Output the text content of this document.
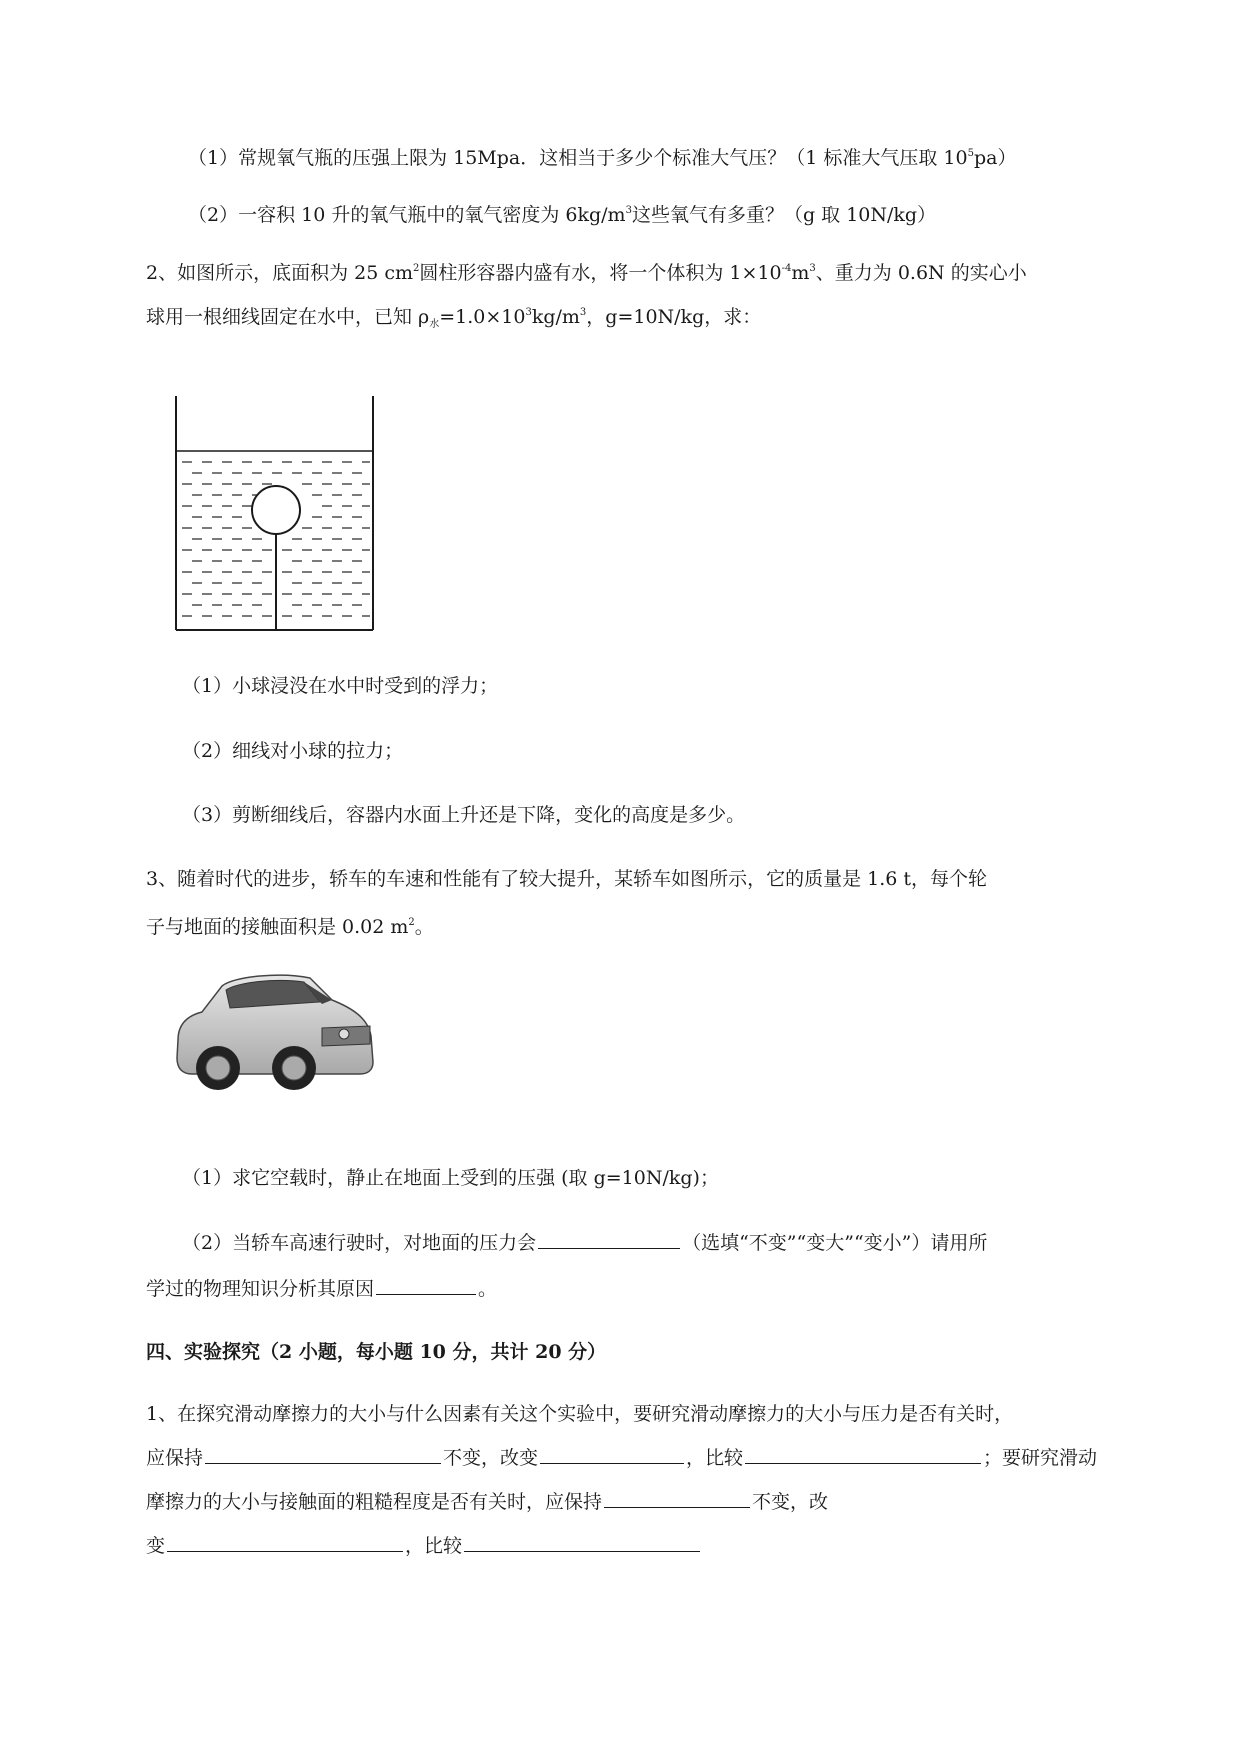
（1）常规氧气瓶的压强上限为 15Mpa．这相当于多少个标准大气压？（1 标准大气压取 $10^5pa$）
（2）一容积 10 升的氧气瓶中的氧气密度为 $6kg/m^3$这些氧气有多重？（g 取 10N/kg）
2、如图所示，底面积为 25 $cm^2$圆柱形容器内盛有水，将一个体积为 $1\times 10^{-4}m^3$、重力为 0.6N 的实心小
球用一根细线固定在水中，已知 $\rho_水=1.0\times 10^3kg/m^3$，g=10N/kg，求：
（1）小球浸没在水中时受到的浮力；
（2）细线对小球的拉力；
（3）剪断细线后，容器内水面上升还是下降，变化的高度是多少。
3、随着时代的进步，轿车的车速和性能有了较大提升，某轿车如图所示，它的质量是 1.6 t，每个轮
子与地面的接触面积是 0.02 $m^2$。
（1）求它空载时，静止在地面上受到的压强 (取 g=10N/kg)；
（2）当轿车高速行驶时，对地面的压力会	（选填“不变”“变大”“变小”）请用所
学过的物理知识分析其原因	。
四、实验探究（2 小题，每小题 10 分，共计 20 分）
1、在探究滑动摩擦力的大小与什么因素有关这个实验中，要研究滑动摩擦力的大小与压力是否有关时，
应保持	不变，改变	，比较	；要研究滑动
摩擦力的大小与接触面的粗糙程度是否有关时，应保持	不变，改
变	，比较
